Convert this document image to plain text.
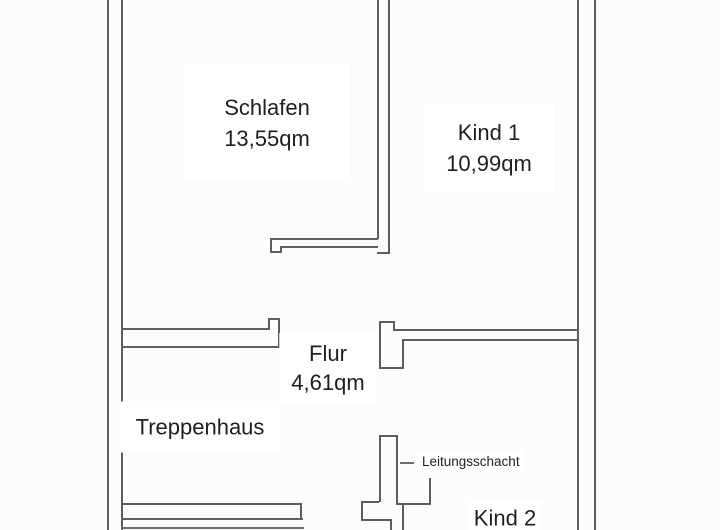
Schlafen
13,55qm	Kind 1
10,99qm
Flur
4,61qm
Treppenhaus
Leitungsschacht
Kind 2
